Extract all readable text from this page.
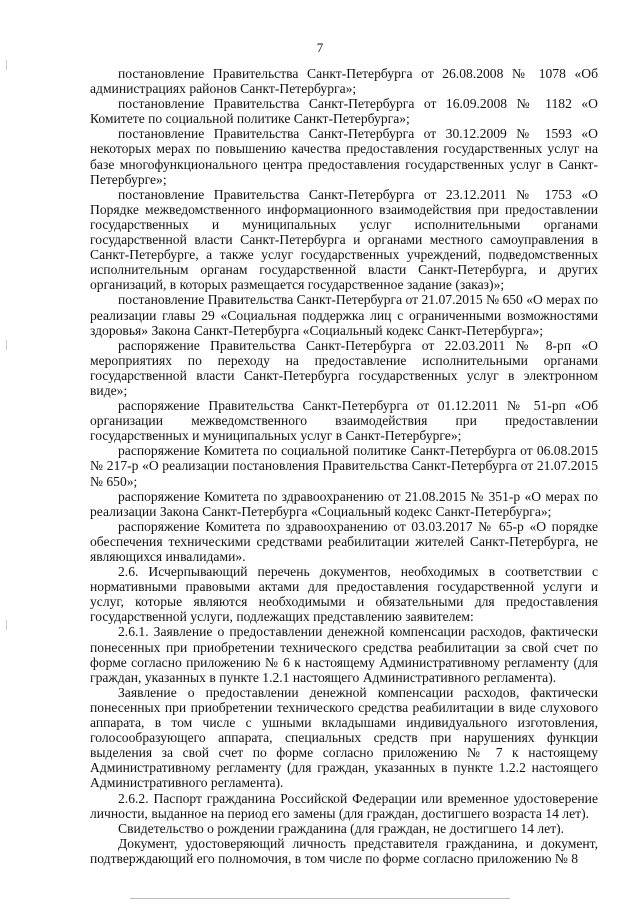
7

постановление Правительства Санкт-Петербурга от 26.08.2008 № 1078 «Об администрациях районов Санкт-Петербурга»;

постановление Правительства Санкт-Петербурга от 16.09.2008 № 1182 «О Комитете по социальной политике Санкт-Петербурга»;

постановление Правительства Санкт-Петербурга от 30.12.2009 № 1593 «О некоторых мерах по повышению качества предоставления государственных услуг на базе многофункционального центра предоставления государственных услуг в Санкт-Петербурге»;

постановление Правительства Санкт-Петербурга от 23.12.2011 № 1753 «О Порядке межведомственного информационного взаимодействия при предоставлении государственных и муниципальных услуг исполнительными органами государственной власти Санкт-Петербурга и органами местного самоуправления в Санкт-Петербурге, а также услуг государственных учреждений, подведомственных исполнительным органам государственной власти Санкт-Петербурга, и других организаций, в которых размещается государственное задание (заказ)»;

постановление Правительства Санкт-Петербурга от 21.07.2015 № 650 «О мерах по реализации главы 29 «Социальная поддержка лиц с ограниченными возможностями здоровья» Закона Санкт-Петербурга «Социальный кодекс Санкт-Петербурга»;

распоряжение Правительства Санкт-Петербурга от 22.03.2011 № 8-рп «О мероприятиях по переходу на предоставление исполнительными органами государственной власти Санкт-Петербурга государственных услуг в электронном виде»;

распоряжение Правительства Санкт-Петербурга от 01.12.2011 № 51-рп «Об организации межведомственного взаимодействия при предоставлении государственных и муниципальных услуг в Санкт-Петербурге»;

распоряжение Комитета по социальной политике Санкт-Петербурга от 06.08.2015 № 217-р «О реализации постановления Правительства Санкт-Петербурга от 21.07.2015 № 650»;

распоряжение Комитета по здравоохранению от 21.08.2015 № 351-р «О мерах по реализации Закона Санкт-Петербурга «Социальный кодекс Санкт-Петербурга»;

распоряжение Комитета по здравоохранению от 03.03.2017 № 65-р «О порядке обеспечения техническими средствами реабилитации жителей Санкт-Петербурга, не являющихся инвалидами».

2.6. Исчерпывающий перечень документов, необходимых в соответствии с нормативными правовыми актами для предоставления государственной услуги и услуг, которые являются необходимыми и обязательными для предоставления государственной услуги, подлежащих представлению заявителем:

2.6.1. Заявление о предоставлении денежной компенсации расходов, фактически понесенных при приобретении технического средства реабилитации за свой счет по форме согласно приложению № 6 к настоящему Административному регламенту (для граждан, указанных в пункте 1.2.1 настоящего Административного регламента).

Заявление о предоставлении денежной компенсации расходов, фактически понесенных при приобретении технического средства реабилитации в виде слухового аппарата, в том числе с ушными вкладышами индивидуального изготовления, голосообразующего аппарата, специальных средств при нарушениях функции выделения за свой счет по форме согласно приложению № 7 к настоящему Административному регламенту (для граждан, указанных в пункте 1.2.2 настоящего Административного регламента).

2.6.2. Паспорт гражданина Российской Федерации или временное удостоверение личности, выданное на период его замены (для граждан, достигшего возраста 14 лет).

Свидетельство о рождении гражданина (для граждан, не достигшего 14 лет).

Документ, удостоверяющий личность представителя гражданина, и документ, подтверждающий его полномочия, в том числе по форме согласно приложению № 8
